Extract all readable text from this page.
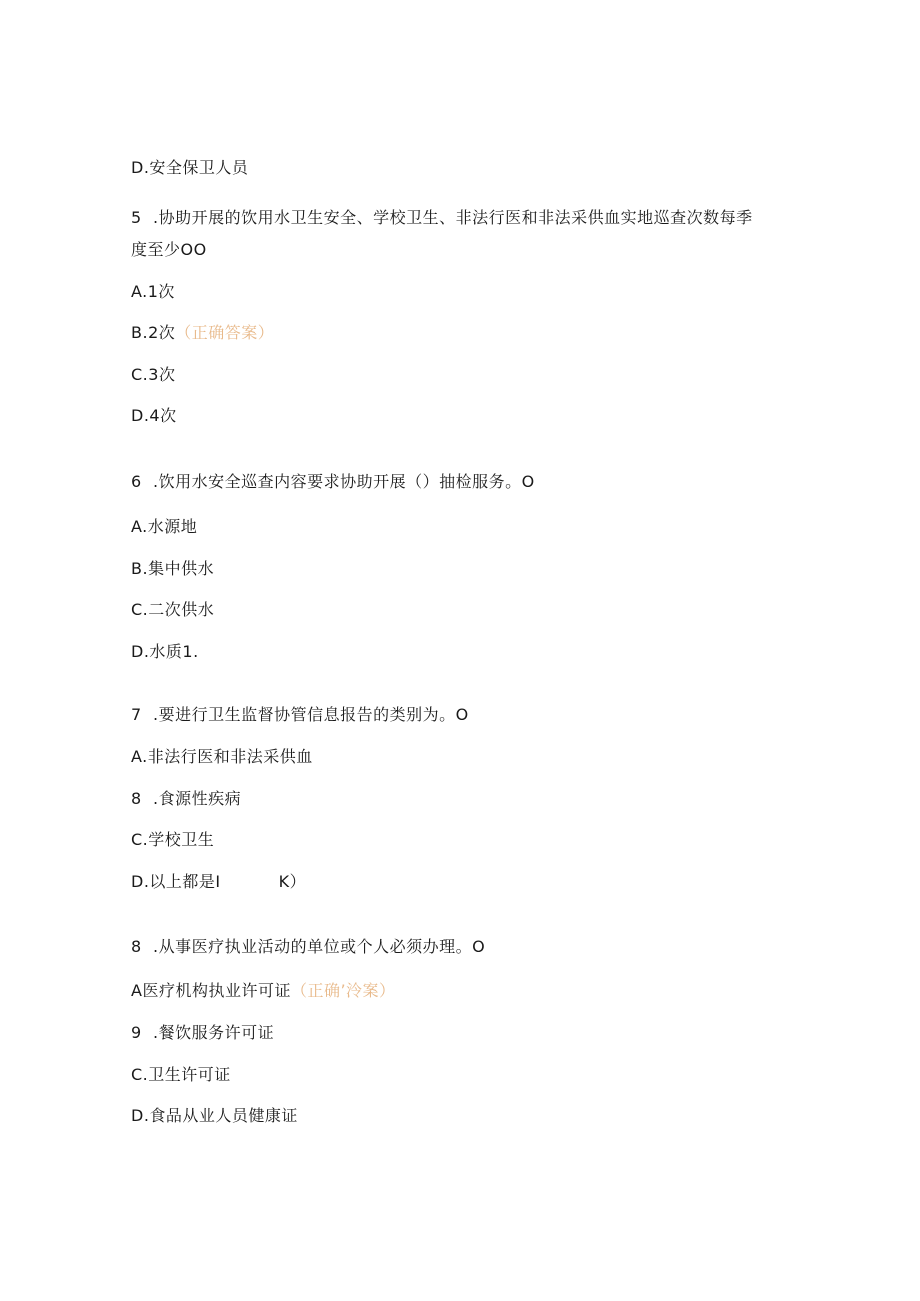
D.安全保卫人员
5 .协助开展的饮用水卫生安全、学校卫生、非法行医和非法采供血实地巡查次数每季
度至少OO
A.1次
B.2次（正确答案）
C.3次
D.4次
6 .饮用水安全巡查内容要求协助开展（）抽检服务。O
A.水源地
B.集中供水
C.二次供水
D.水质1.
7 .要进行卫生监督协管信息报告的类别为。O
A.非法行医和非法采供血
8 .食源性疾病
C.学校卫生
D.以上都是I	K）
8 .从事医疗执业活动的单位或个人必须办理。O
A医疗机构执业许可证（正确’泠案）
9 .餐饮服务许可证
C.卫生许可证
D.食品从业人员健康证
